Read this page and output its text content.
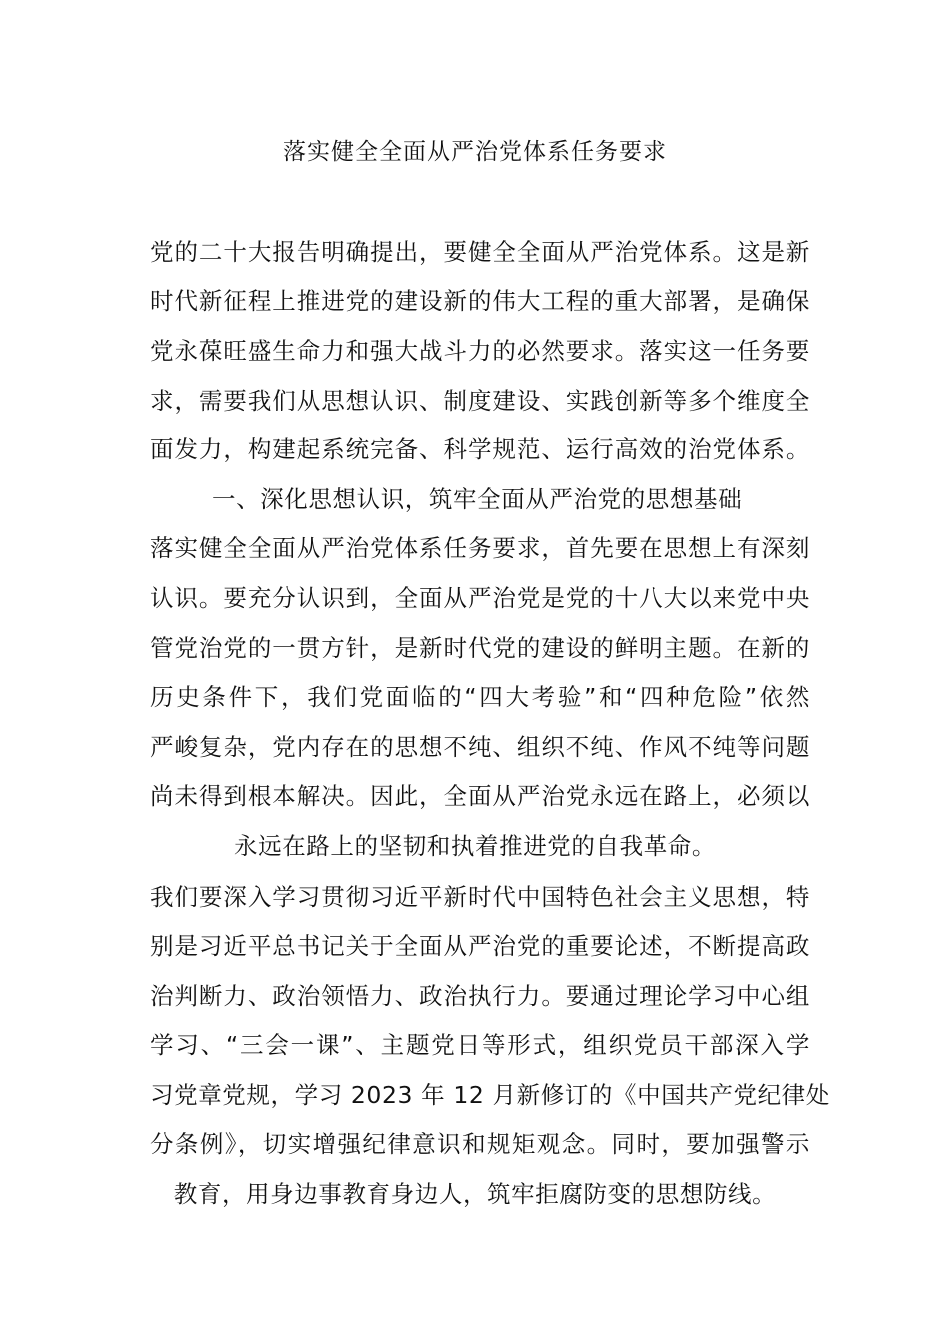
落实健全全面从严治党体系任务要求
党的二十大报告明确提出，要健全全面从严治党体系。这是新
时代新征程上推进党的建设新的伟大工程的重大部署，是确保
党永葆旺盛生命力和强大战斗力的必然要求。落实这一任务要
求，需要我们从思想认识、制度建设、实践创新等多个维度全
面发力，构建起系统完备、科学规范、运行高效的治党体系。
一、深化思想认识，筑牢全面从严治党的思想基础
落实健全全面从严治党体系任务要求，首先要在思想上有深刻
认识。要充分认识到，全面从严治党是党的十八大以来党中央
管党治党的一贯方针，是新时代党的建设的鲜明主题。在新的
历史条件下，我们党面临的“四大考验”和“四种危险”依然
严峻复杂，党内存在的思想不纯、组织不纯、作风不纯等问题
尚未得到根本解决。因此，全面从严治党永远在路上，必须以
永远在路上的坚韧和执着推进党的自我革命。
我们要深入学习贯彻习近平新时代中国特色社会主义思想，特
别是习近平总书记关于全面从严治党的重要论述，不断提高政
治判断力、政治领悟力、政治执行力。要通过理论学习中心组
学习、“三会一课”、主题党日等形式，组织党员干部深入学
习党章党规，学习 2023 年 12 月新修订的《中国共产党纪律处
分条例》，切实增强纪律意识和规矩观念。同时，要加强警示
教育，用身边事教育身边人，筑牢拒腐防变的思想防线。
